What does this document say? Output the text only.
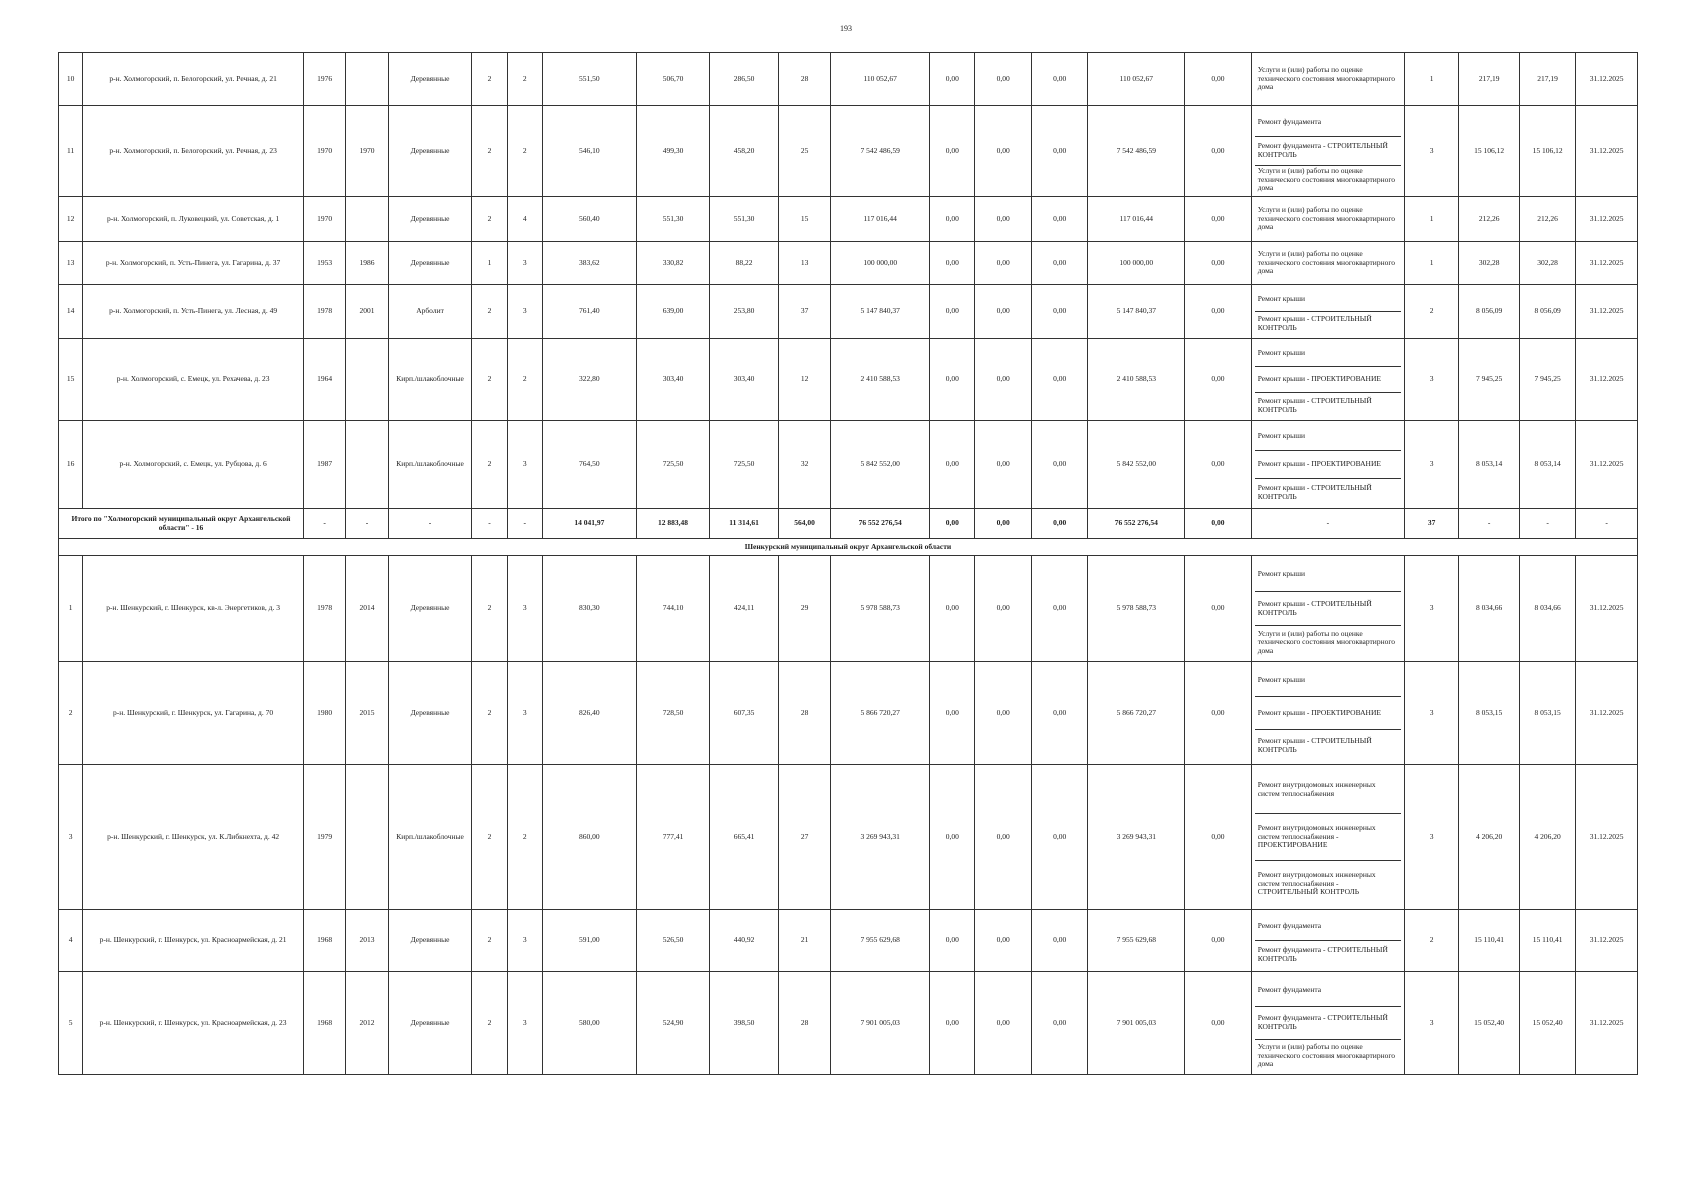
193
10	р-н. Холмогорский, п. Белогорский, ул. Речная, д. 21	1976		Деревянные	2	2	551,50	506,70	286,50	28	110 052,67	0,00	0,00	0,00	110 052,67	0,00	Услуги и (или) работы по оценке технического состояния многоквартирного дома	1	217,19	217,19	31.12.2025
11	р-н. Холмогорский, п. Белогорский, ул. Речная, д. 23	1970	1970	Деревянные	2	2	546,10	499,30	458,20	25	7 542 486,59	0,00	0,00	0,00	7 542 486,59	0,00	Ремонт фундамента
Ремонт фундамента - СТРОИТЕЛЬНЫЙ КОНТРОЛЬ
Услуги и (или) работы по оценке технического состояния многоквартирного дома	3	15 106,12	15 106,12	31.12.2025
12	р-н. Холмогорский, п. Луковецкий, ул. Советская, д. 1	1970		Деревянные	2	4	560,40	551,30	551,30	15	117 016,44	0,00	0,00	0,00	117 016,44	0,00	Услуги и (или) работы по оценке технического состояния многоквартирного дома	1	212,26	212,26	31.12.2025
13	р-н. Холмогорский, п. Усть-Пинега, ул. Гагарина, д. 37	1953	1986	Деревянные	1	3	383,62	330,82	88,22	13	100 000,00	0,00	0,00	0,00	100 000,00	0,00	Услуги и (или) работы по оценке технического состояния многоквартирного дома	1	302,28	302,28	31.12.2025
14	р-н. Холмогорский, п. Усть-Пинега, ул. Лесная, д. 49	1978	2001	Арболит	2	3	761,40	639,00	253,80	37	5 147 840,37	0,00	0,00	0,00	5 147 840,37	0,00	Ремонт крыши
Ремонт крыши - СТРОИТЕЛЬНЫЙ КОНТРОЛЬ	2	8 056,09	8 056,09	31.12.2025
15	р-н. Холмогорский, с. Емецк, ул. Рехачева, д. 23	1964		Кирп./шлакоблочные	2	2	322,80	303,40	303,40	12	2 410 588,53	0,00	0,00	0,00	2 410 588,53	0,00	Ремонт крыши
Ремонт крыши - ПРОЕКТИРОВАНИЕ
Ремонт крыши - СТРОИТЕЛЬНЫЙ КОНТРОЛЬ	3	7 945,25	7 945,25	31.12.2025
16	р-н. Холмогорский, с. Емецк, ул. Рубцова, д. 6	1987		Кирп./шлакоблочные	2	3	764,50	725,50	725,50	32	5 842 552,00	0,00	0,00	0,00	5 842 552,00	0,00	Ремонт крыши
Ремонт крыши - ПРОЕКТИРОВАНИЕ
Ремонт крыши - СТРОИТЕЛЬНЫЙ КОНТРОЛЬ	3	8 053,14	8 053,14	31.12.2025
Итого по "Холмогорский муниципальный округ Архангельской области" - 16		-	-	-	-	-	14 041,97	12 883,48	11 314,61	564,00	76 552 276,54	0,00	0,00	0,00	76 552 276,54	0,00	-	37	-	-	-
Шенкурский муниципальный округ Архангельской области																					
1	р-н. Шенкурский, г. Шенкурск, кв-л. Энергетиков, д. 3	1978	2014	Деревянные	2	3	830,30	744,10	424,11	29	5 978 588,73	0,00	0,00	0,00	5 978 588,73	0,00	Ремонт крыши
Ремонт крыши - СТРОИТЕЛЬНЫЙ КОНТРОЛЬ
Услуги и (или) работы по оценке технического состояния многоквартирного дома	3	8 034,66	8 034,66	31.12.2025
2	р-н. Шенкурский, г. Шенкурск, ул. Гагарина, д. 70	1980	2015	Деревянные	2	3	826,40	728,50	607,35	28	5 866 720,27	0,00	0,00	0,00	5 866 720,27	0,00	Ремонт крыши
Ремонт крыши - ПРОЕКТИРОВАНИЕ
Ремонт крыши - СТРОИТЕЛЬНЫЙ КОНТРОЛЬ	3	8 053,15	8 053,15	31.12.2025
3	р-н. Шенкурский, г. Шенкурск, ул. К.Либкнехта, д. 42	1979		Кирп./шлакоблочные	2	2	860,00	777,41	665,41	27	3 269 943,31	0,00	0,00	0,00	3 269 943,31	0,00	Ремонт внутридомовых инженерных систем теплоснабжения
Ремонт внутридомовых инженерных систем теплоснабжения - ПРОЕКТИРОВАНИЕ
Ремонт внутридомовых инженерных систем теплоснабжения - СТРОИТЕЛЬНЫЙ КОНТРОЛЬ	3	4 206,20	4 206,20	31.12.2025
4	р-н. Шенкурский, г. Шенкурск, ул. Красноармейская, д. 21	1968	2013	Деревянные	2	3	591,00	526,50	440,92	21	7 955 629,68	0,00	0,00	0,00	7 955 629,68	0,00	Ремонт фундамента
Ремонт фундамента - СТРОИТЕЛЬНЫЙ КОНТРОЛЬ	2	15 110,41	15 110,41	31.12.2025
5	р-н. Шенкурский, г. Шенкурск, ул. Красноармейская, д. 23	1968	2012	Деревянные	2	3	580,00	524,90	398,50	28	7 901 005,03	0,00	0,00	0,00	7 901 005,03	0,00	Ремонт фундамента
Ремонт фундамента - СТРОИТЕЛЬНЫЙ КОНТРОЛЬ
Услуги и (или) работы по оценке технического состояния многоквартирного дома	3	15 052,40	15 052,40	31.12.2025
